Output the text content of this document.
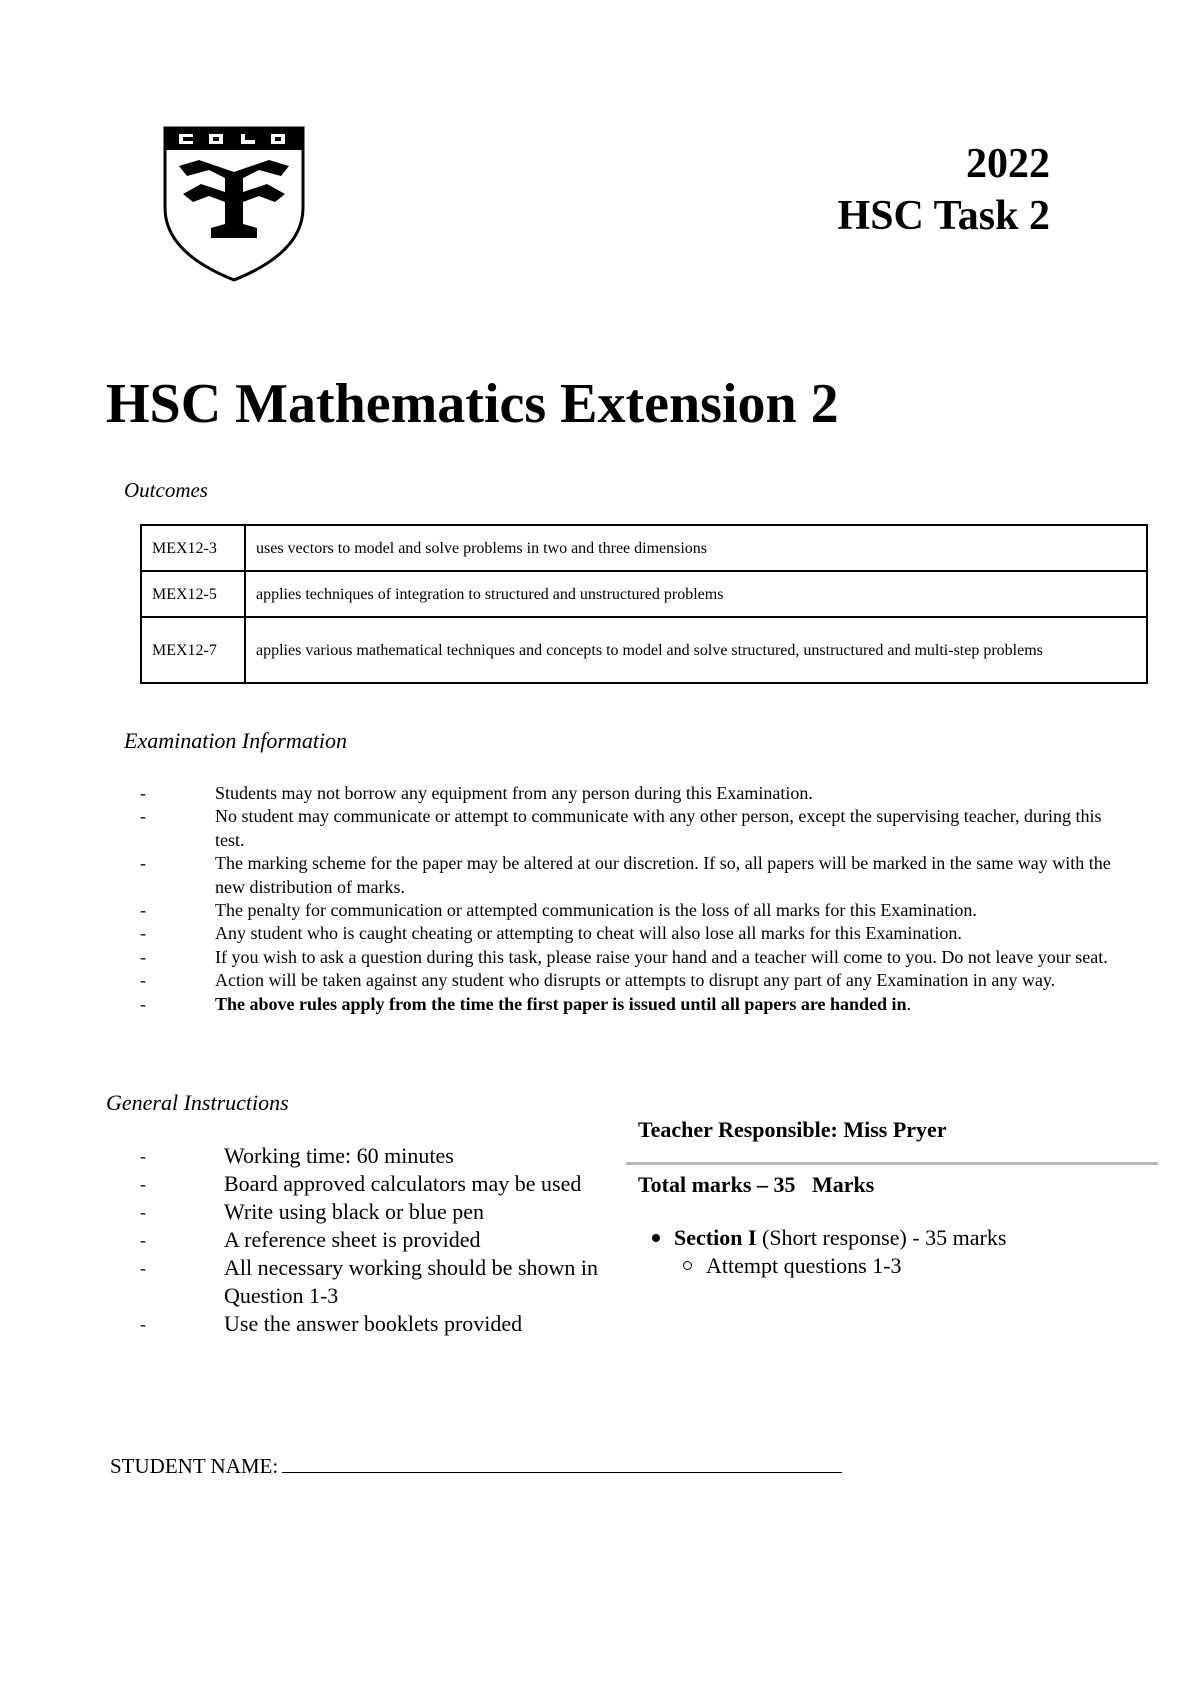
2022
HSC Task 2
HSC Mathematics Extension 2
Outcomes
MEX12-3	uses vectors to model and solve problems in two and three dimensions
MEX12-5	applies techniques of integration to structured and unstructured problems
MEX12-7	applies various mathematical techniques and concepts to model and solve structured, unstructured and multi-step problems
Examination Information
-	Students may not borrow any equipment from any person during this Examination.
-	No student may communicate or attempt to communicate with any other person, except the supervising teacher, during this test.
-	The marking scheme for the paper may be altered at our discretion. If so, all papers will be marked in the same way with the new distribution of marks.
-	The penalty for communication or attempted communication is the loss of all marks for this Examination.
-	Any student who is caught cheating or attempting to cheat will also lose all marks for this Examination.
-	If you wish to ask a question during this task, please raise your hand and a teacher will come to you. Do not leave your seat.
-	Action will be taken against any student who disrupts or attempts to disrupt any part of any Examination in any way.
-	The above rules apply from the time the first paper is issued until all papers are handed in.
General Instructions
-	Working time: 60 minutes
-	Board approved calculators may be used
-	Write using black or blue pen
-	A reference sheet is provided
-	All necessary working should be shown in Question 1-3
-	Use the answer booklets provided
Teacher Responsible: Miss Pryer
Total marks – 35   Marks
Section I (Short response) - 35 marks
Attempt questions 1-3
STUDENT NAME:
